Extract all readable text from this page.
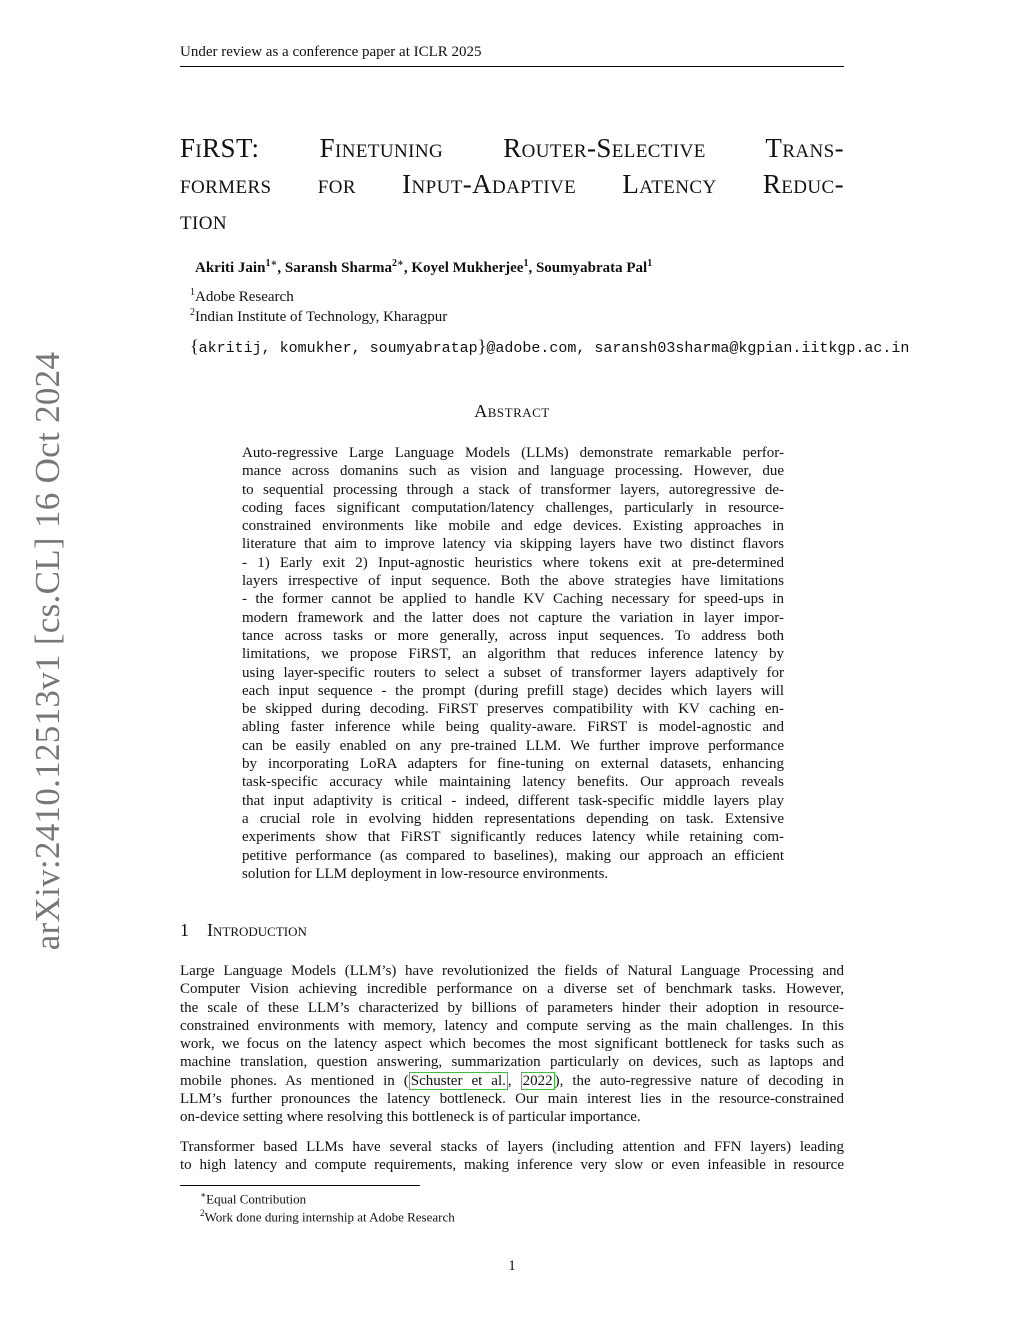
Under review as a conference paper at ICLR 2025
arXiv:2410.12513v1 [cs.CL] 16 Oct 2024
FiRST: Finetuning Router-Selective Trans-
formers for Input-Adaptive Latency Reduc-
tion
Akriti Jain$^{1∗}$, Saransh Sharma$^{2∗}$, Koyel Mukherjee$^1$, Soumyabrata Pal$^1$
$^1$Adobe Research
$^2$Indian Institute of Technology, Kharagpur
{akritij, komukher, soumyabratap}@adobe.com, saransh03sharma@kgpian.iitkgp.ac.in
Abstract
Auto-regressive Large Language Models (LLMs) demonstrate remarkable perfor-
mance across domanins such as vision and language processing. However, due
to sequential processing through a stack of transformer layers, autoregressive de-
coding faces significant computation/latency challenges, particularly in resource-
constrained environments like mobile and edge devices. Existing approaches in
literature that aim to improve latency via skipping layers have two distinct flavors
- 1) Early exit 2) Input-agnostic heuristics where tokens exit at pre-determined
layers irrespective of input sequence. Both the above strategies have limitations
- the former cannot be applied to handle KV Caching necessary for speed-ups in
modern framework and the latter does not capture the variation in layer impor-
tance across tasks or more generally, across input sequences. To address both
limitations, we propose FiRST, an algorithm that reduces inference latency by
using layer-specific routers to select a subset of transformer layers adaptively for
each input sequence - the prompt (during prefill stage) decides which layers will
be skipped during decoding. FiRST preserves compatibility with KV caching en-
abling faster inference while being quality-aware. FiRST is model-agnostic and
can be easily enabled on any pre-trained LLM. We further improve performance
by incorporating LoRA adapters for fine-tuning on external datasets, enhancing
task-specific accuracy while maintaining latency benefits. Our approach reveals
that input adaptivity is critical - indeed, different task-specific middle layers play
a crucial role in evolving hidden representations depending on task. Extensive
experiments show that FiRST significantly reduces latency while retaining com-
petitive performance (as compared to baselines), making our approach an efficient
solution for LLM deployment in low-resource environments.
1 Introduction
Large Language Models (LLM’s) have revolutionized the fields of Natural Language Processing and
Computer Vision achieving incredible performance on a diverse set of benchmark tasks. However,
the scale of these LLM’s characterized by billions of parameters hinder their adoption in resource-
constrained environments with memory, latency and compute serving as the main challenges. In this
work, we focus on the latency aspect which becomes the most significant bottleneck for tasks such as
machine translation, question answering, summarization particularly on devices, such as laptops and
mobile phones. As mentioned in ( Schuster et al. , 2022 ), the auto-regressive nature of decoding in
LLM’s further pronounces the latency bottleneck. Our main interest lies in the resource-constrained
on-device setting where resolving this bottleneck is of particular importance.
Transformer based LLMs have several stacks of layers (including attention and FFN layers) leading
to high latency and compute requirements, making inference very slow or even infeasible in resource
∗Equal Contribution
$^2$Work done during internship at Adobe Research
1
